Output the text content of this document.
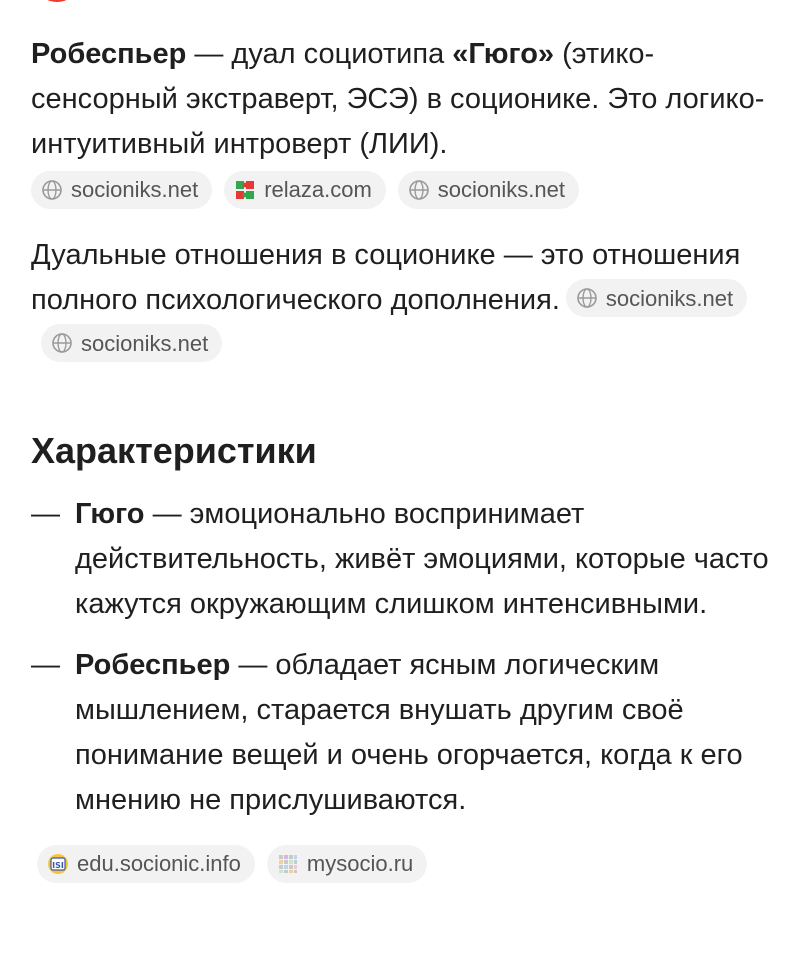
Робеспьер — дуал социотипа «Гюго» (этико-сенсорный экстраверт, ЭСЭ) в соционике. Это логико-интуитивный интроверт (ЛИИ).

socioniks.net	relaza.com	socioniks.net

Дуальные отношения в соционике — это отношения полного психологического дополнения. socioniks.net
socioniks.net

Характеристики
— Гюго — эмоционально воспринимает действительность, живёт эмоциями, которые часто кажутся окружающим слишком интенсивными.
— Робеспьер — обладает ясным логическим мышлением, старается внушать другим своё понимание вещей и очень огорчается, когда к его мнению не прислушиваются.
ISI edu.socionic.info	mysocio.ru
